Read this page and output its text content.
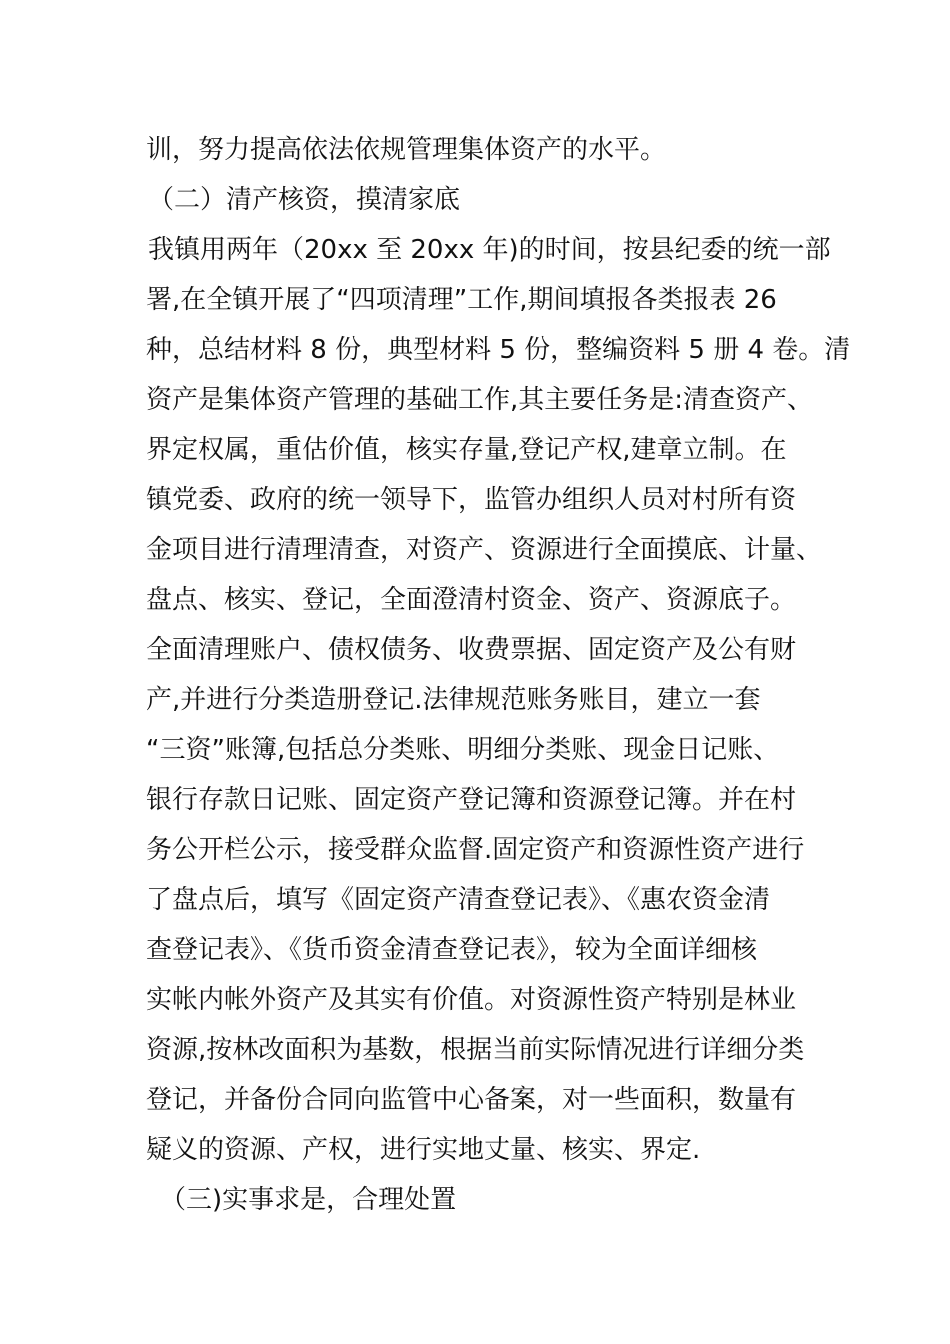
训，努力提高依法依规管理集体资产的水平。
（二）清产核资，摸清家底
我镇用两年（20xx 至 20xx 年)的时间，按县纪委的统一部
署,在全镇开展了“四项清理”工作,期间填报各类报表 26
种，总结材料 8 份，典型材料 5 份，整编资料 5 册 4 卷。清
资产是集体资产管理的基础工作,其主要任务是:清查资产、
界定权属，重估价值，核实存量,登记产权,建章立制。在
镇党委、政府的统一领导下，监管办组织人员对村所有资
金项目进行清理清查，对资产、资源进行全面摸底、计量、
盘点、核实、登记，全面澄清村资金、资产、资源底子。
全面清理账户、债权债务、收费票据、固定资产及公有财
产,并进行分类造册登记.法律规范账务账目，建立一套
“三资”账簿,包括总分类账、明细分类账、现金日记账、
银行存款日记账、固定资产登记簿和资源登记簿。并在村
务公开栏公示，接受群众监督.固定资产和资源性资产进行
了盘点后，填写《固定资产清查登记表》、《惠农资金清
查登记表》、《货币资金清查登记表》，较为全面详细核
实帐内帐外资产及其实有价值。对资源性资产特别是林业
资源,按林改面积为基数，根据当前实际情况进行详细分类
登记，并备份合同向监管中心备案，对一些面积，数量有
疑义的资源、产权，进行实地丈量、核实、界定.
（三)实事求是，合理处置
